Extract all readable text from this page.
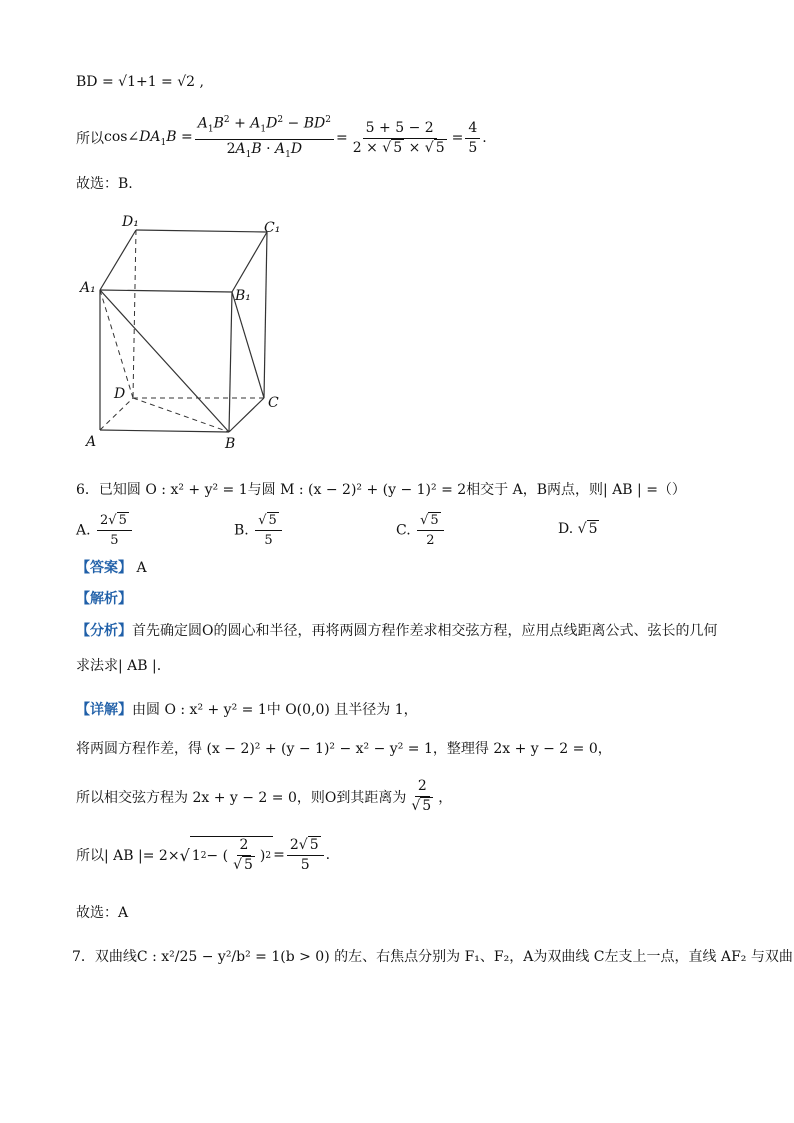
BD = √1+1 = √2 ,
所以 $\cos\angle DA_1B = \frac{A_1B^2 + A_1D^2 - BD^2}{2A_1B \cdot A_1D} = \frac{5 + 5 - 2}{2 \times √ 5 \times √ 5} = \frac{4}{5}$ .
故选：B.
D₁	C₁
A₁	B₁
D
C
A	B
6．已知圆 O : x² + y² = 1与圆 M : (x − 2)² + (y − 1)² = 2相交于 A，B两点，则| AB | =（）
A. $\frac{2√ 5}{5}$	B. $\frac{√ 5}{5}$	C. $\frac{√ 5}{2}$	D. √ 5
【答案】 A
【解析】
【分析】首先确定圆O的圆心和半径，再将两圆方程作差求相交弦方程，应用点线距离公式、弦长的几何
求法求| AB |.
【详解】由圆 O : x² + y² = 1中 O(0,0) 且半径为 1，
将两圆方程作差，得 (x − 2)² + (y − 1)² − x² − y² = 1，整理得 2x + y − 2 = 0，
所以相交弦方程为 2x + y − 2 = 0，则O到其距离为 $\frac{2}{√ 5}$ ，
所以| AB |= 2× √ 1 2 − ( $\frac{2}{√ 5}$ ) $2 = \frac{2√ 5}{5}$ .
故选：A
7．双曲线C : x²/25 − y²/b² = 1(b > 0) 的左、右焦点分别为 F₁、F₂，A为双曲线 C左支上一点，直线 AF₂ 与双曲
